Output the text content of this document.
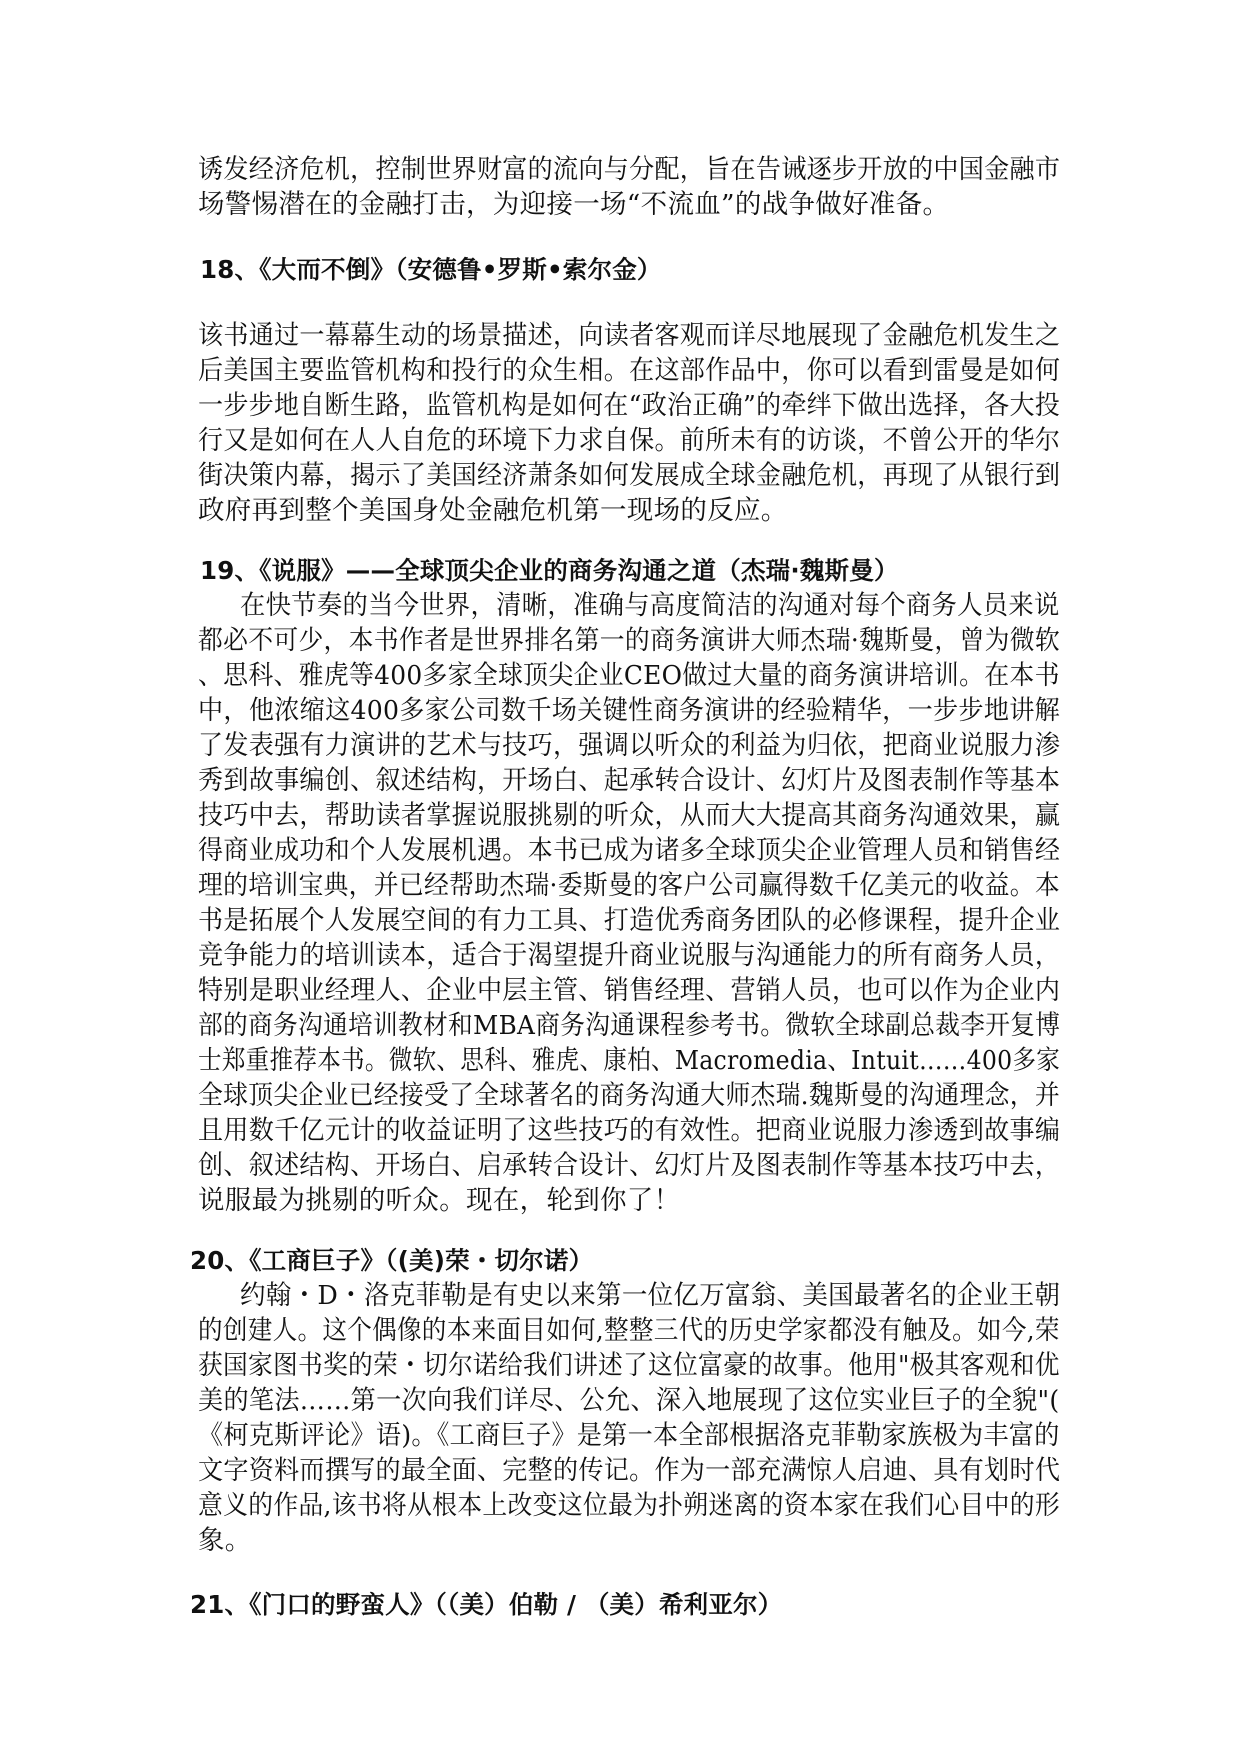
诱发经济危机，控制世界财富的流向与分配，旨在告诫逐步开放的中国金融市
场警惕潜在的金融打击，为迎接一场“不流血”的战争做好准备。
18、《大而不倒》（安德鲁•罗斯•索尔金）
该书通过一幕幕生动的场景描述，向读者客观而详尽地展现了金融危机发生之
后美国主要监管机构和投行的众生相。在这部作品中，你可以看到雷曼是如何
一步步地自断生路，监管机构是如何在“政治正确”的牵绊下做出选择，各大投
行又是如何在人人自危的环境下力求自保。前所未有的访谈，不曾公开的华尔
街决策内幕，揭示了美国经济萧条如何发展成全球金融危机，再现了从银行到
政府再到整个美国身处金融危机第一现场的反应。
19、《说服》——全球顶尖企业的商务沟通之道（杰瑞·魏斯曼）
在快节奏的当今世界，清晰，准确与高度简洁的沟通对每个商务人员来说
都必不可少，本书作者是世界排名第一的商务演讲大师杰瑞·魏斯曼，曾为微软
、思科、雅虎等400多家全球顶尖企业CEO做过大量的商务演讲培训。在本书
中，他浓缩这400多家公司数千场关键性商务演讲的经验精华，一步步地讲解
了发表强有力演讲的艺术与技巧，强调以听众的利益为归依，把商业说服力渗
秀到故事编创、叙述结构，开场白、起承转合设计、幻灯片及图表制作等基本
技巧中去，帮助读者掌握说服挑剔的听众，从而大大提高其商务沟通效果，赢
得商业成功和个人发展机遇。本书已成为诸多全球顶尖企业管理人员和销售经
理的培训宝典，并已经帮助杰瑞·委斯曼的客户公司赢得数千亿美元的收益。本
书是拓展个人发展空间的有力工具、打造优秀商务团队的必修课程，提升企业
竞争能力的培训读本，适合于渴望提升商业说服与沟通能力的所有商务人员，
特别是职业经理人、企业中层主管、销售经理、营销人员，也可以作为企业内
部的商务沟通培训教材和MBA商务沟通课程参考书。微软全球副总裁李开复博
士郑重推荐本书。微软、思科、雅虎、康柏、Macromedia、Intuit……400多家
全球顶尖企业已经接受了全球著名的商务沟通大师杰瑞.魏斯曼的沟通理念，并
且用数千亿元计的收益证明了这些技巧的有效性。把商业说服力渗透到故事编
创、叙述结构、开场白、启承转合设计、幻灯片及图表制作等基本技巧中去，
说服最为挑剔的听众。现在，轮到你了！
20、《工商巨子》（(美)荣・切尔诺）
约翰・D・洛克菲勒是有史以来第一位亿万富翁、美国最著名的企业王朝
的创建人。这个偶像的本来面目如何,整整三代的历史学家都没有触及。如今,荣
获国家图书奖的荣・切尔诺给我们讲述了这位富豪的故事。他用"极其客观和优
美的笔法……第一次向我们详尽、公允、深入地展现了这位实业巨子的全貌"(
《柯克斯评论》语)。《工商巨子》是第一本全部根据洛克菲勒家族极为丰富的
文字资料而撰写的最全面、完整的传记。作为一部充满惊人启迪、具有划时代
意义的作品,该书将从根本上改变这位最为扑朔迷离的资本家在我们心目中的形
象。
21、《门口的野蛮人》（（美）伯勒 / （美）希利亚尔）
